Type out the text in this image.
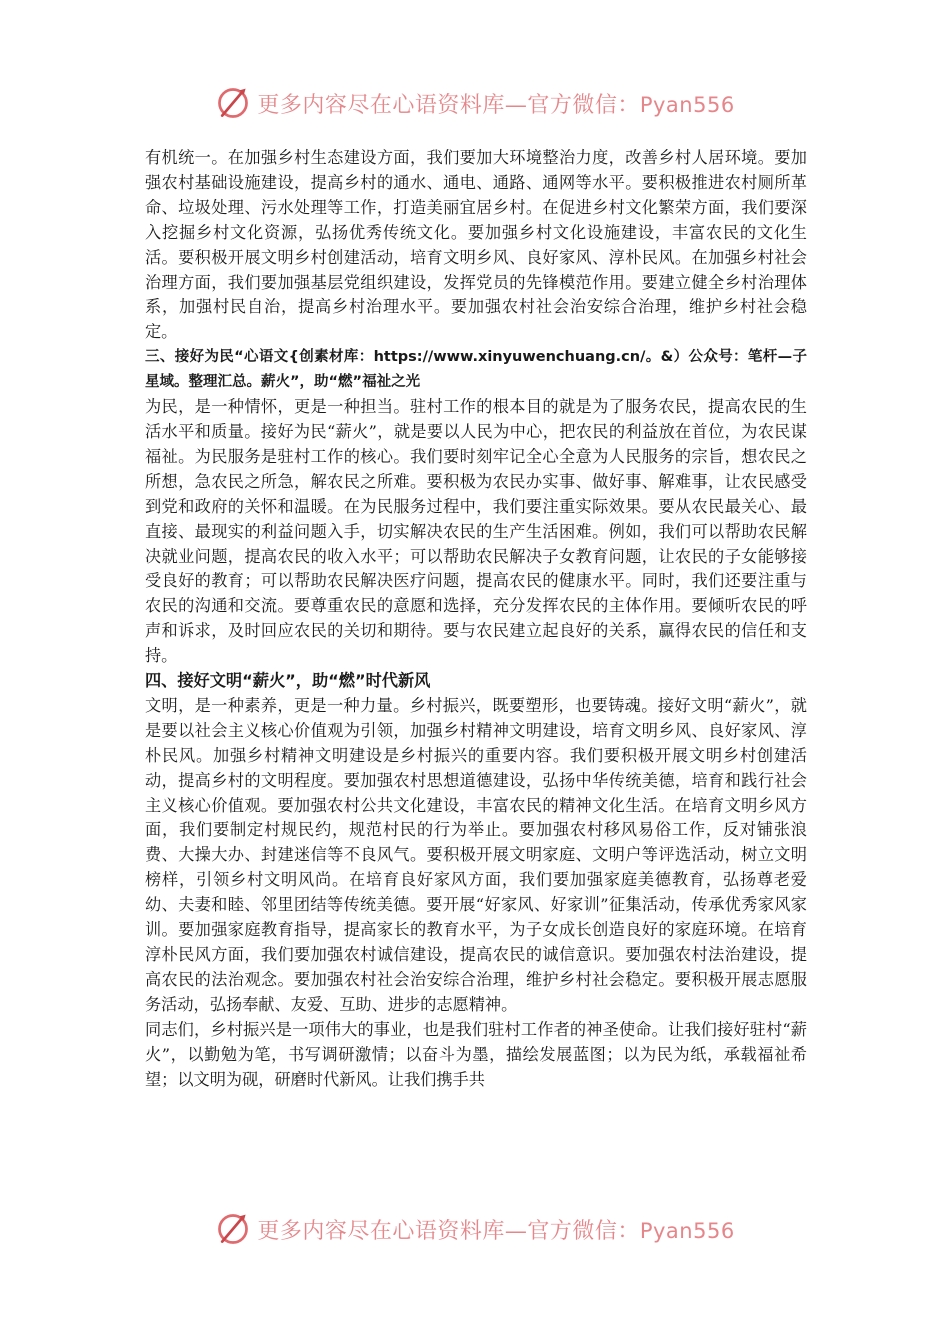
更多内容尽在心语资料库—官方微信：Pyan556

有机统一。在加强乡村生态建设方面，我们要加大环境整治力度，改善乡村人居环境。要加强农村基础设施建设，提高乡村的通水、通电、通路、通网等水平。要积极推进农村厕所革命、垃圾处理、污水处理等工作，打造美丽宜居乡村。在促进乡村文化繁荣方面，我们要深入挖掘乡村文化资源，弘扬优秀传统文化。要加强乡村文化设施建设，丰富农民的文化生活。要积极开展文明乡村创建活动，培育文明乡风、良好家风、淳朴民风。在加强乡村社会治理方面，我们要加强基层党组织建设，发挥党员的先锋模范作用。要建立健全乡村治理体系，加强村民自治，提高乡村治理水平。要加强农村社会治安综合治理，维护乡村社会稳定。

三、接好为民“心语文{创素材库：https://www.xinyuwenchuang.cn/。&）公众号：笔杆—子星域。整理汇总。薪火”，助“燃”福祉之光

为民，是一种情怀，更是一种担当。驻村工作的根本目的就是为了服务农民，提高农民的生活水平和质量。接好为民“薪火”，就是要以人民为中心，把农民的利益放在首位，为农民谋福祉。为民服务是驻村工作的核心。我们要时刻牢记全心全意为人民服务的宗旨，想农民之所想，急农民之所急，解农民之所难。要积极为农民办实事、做好事、解难事，让农民感受到党和政府的关怀和温暖。在为民服务过程中，我们要注重实际效果。要从农民最关心、最直接、最现实的利益问题入手，切实解决农民的生产生活困难。例如，我们可以帮助农民解决就业问题，提高农民的收入水平；可以帮助农民解决子女教育问题，让农民的子女能够接受良好的教育；可以帮助农民解决医疗问题，提高农民的健康水平。同时，我们还要注重与农民的沟通和交流。要尊重农民的意愿和选择，充分发挥农民的主体作用。要倾听农民的呼声和诉求，及时回应农民的关切和期待。要与农民建立起良好的关系，赢得农民的信任和支持。

四、接好文明“薪火”，助“燃”时代新风

文明，是一种素养，更是一种力量。乡村振兴，既要塑形，也要铸魂。接好文明“薪火”，就是要以社会主义核心价值观为引领，加强乡村精神文明建设，培育文明乡风、良好家风、淳朴民风。加强乡村精神文明建设是乡村振兴的重要内容。我们要积极开展文明乡村创建活动，提高乡村的文明程度。要加强农村思想道德建设，弘扬中华传统美德，培育和践行社会主义核心价值观。要加强农村公共文化建设，丰富农民的精神文化生活。在培育文明乡风方面，我们要制定村规民约，规范村民的行为举止。要加强农村移风易俗工作，反对铺张浪费、大操大办、封建迷信等不良风气。要积极开展文明家庭、文明户等评选活动，树立文明榜样，引领乡村文明风尚。在培育良好家风方面，我们要加强家庭美德教育，弘扬尊老爱幼、夫妻和睦、邻里团结等传统美德。要开展“好家风、好家训”征集活动，传承优秀家风家训。要加强家庭教育指导，提高家长的教育水平，为子女成长创造良好的家庭环境。在培育淳朴民风方面，我们要加强农村诚信建设，提高农民的诚信意识。要加强农村法治建设，提高农民的法治观念。要加强农村社会治安综合治理，维护乡村社会稳定。要积极开展志愿服务活动，弘扬奉献、友爱、互助、进步的志愿精神。

同志们，乡村振兴是一项伟大的事业，也是我们驻村工作者的神圣使命。让我们接好驻村“薪火”，以勤勉为笔，书写调研激情；以奋斗为墨，描绘发展蓝图；以为民为纸，承载福祉希望；以文明为砚，研磨时代新风。让我们携手共

更多内容尽在心语资料库—官方微信：Pyan556
